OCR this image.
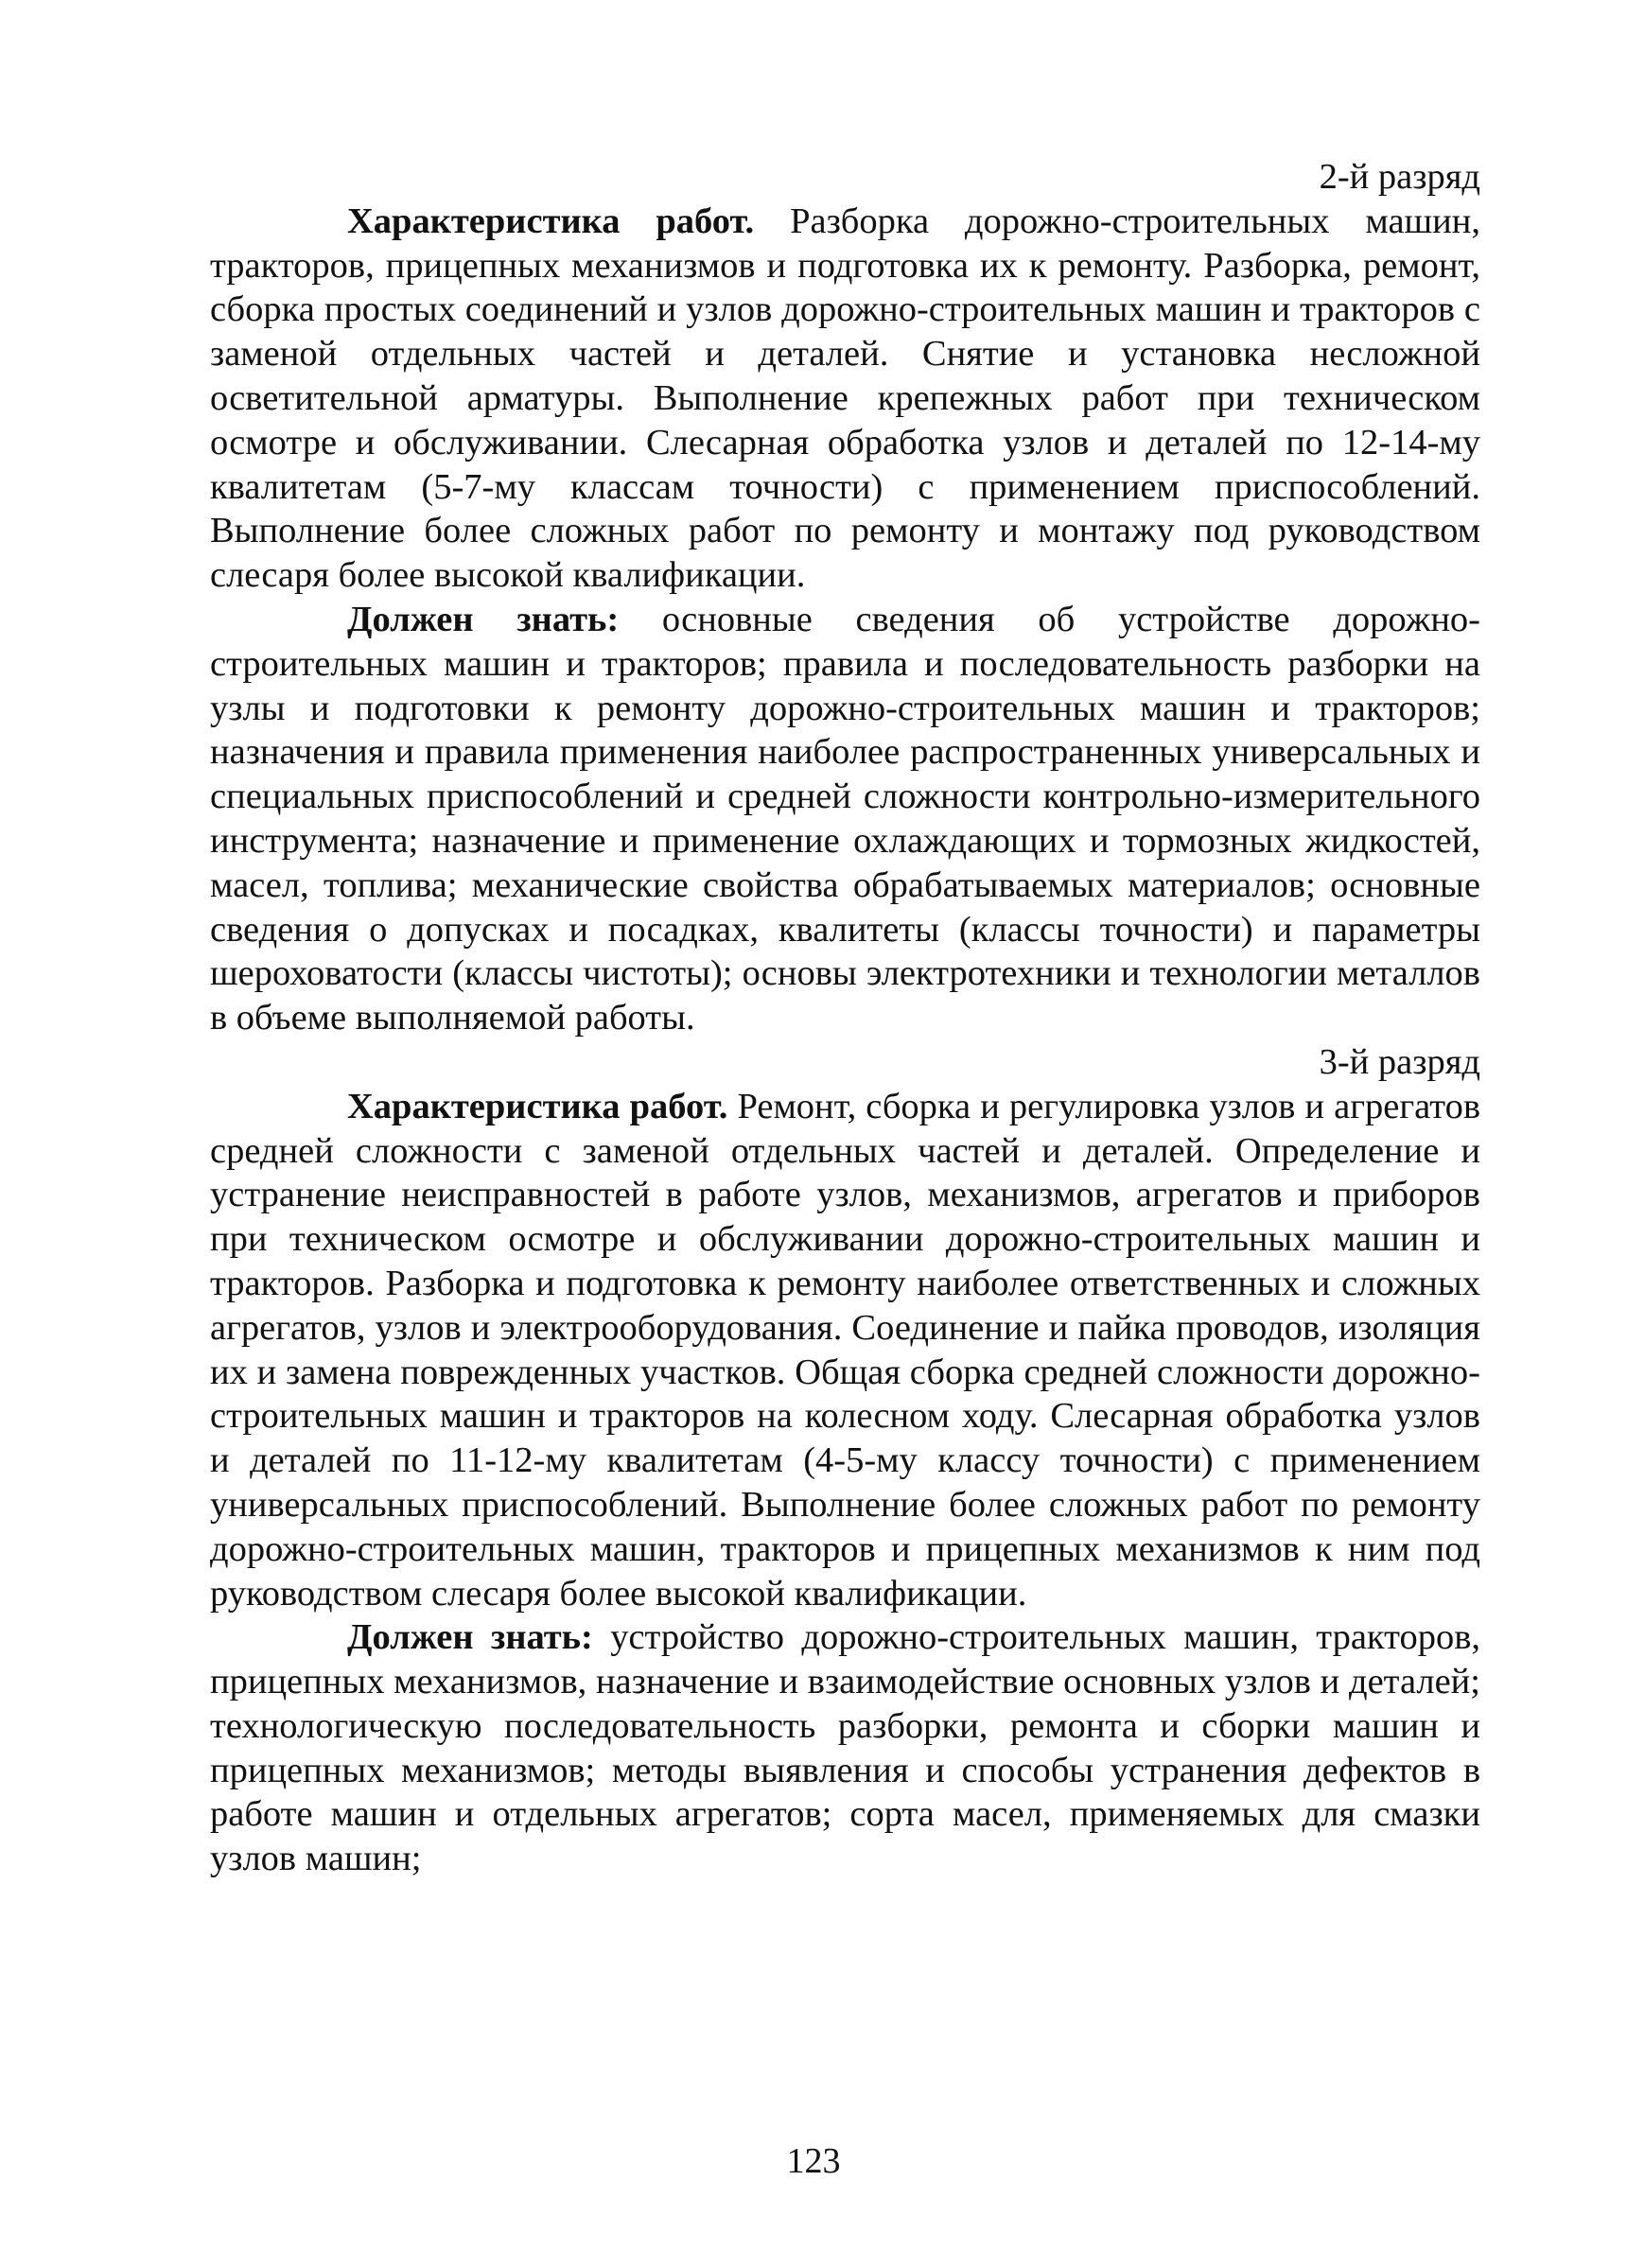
2-й разряд

Характеристика работ. Разборка дорожно-строительных машин, тракторов, прицепных механизмов и подготовка их к ремонту. Разборка, ремонт, сборка простых соединений и узлов дорожно-строительных машин и тракторов с заменой отдельных частей и деталей. Снятие и установка несложной осветительной арматуры. Выполнение крепежных работ при техническом осмотре и обслуживании. Слесарная обработка узлов и деталей по 12-14-му квалитетам (5-7-му классам точности) с применением приспособлений. Выполнение более сложных работ по ремонту и монтажу под руководством слесаря более высокой квалификации.

Должен знать: основные сведения об устройстве дорожно-строительных машин и тракторов; правила и последовательность разборки на узлы и подготовки к ремонту дорожно-строительных машин и тракторов; назначения и правила применения наиболее распространенных универсальных и специальных приспособлений и средней сложности контрольно-измерительного инструмента; назначение и применение охлаждающих и тормозных жидкостей, масел, топлива; механические свойства обрабатываемых материалов; основные сведения о допусках и посадках, квалитеты (классы точности) и параметры шероховатости (классы чистоты); основы электротехники и технологии металлов в объеме выполняемой работы.

3-й разряд

Характеристика работ. Ремонт, сборка и регулировка узлов и агрегатов средней сложности с заменой отдельных частей и деталей. Определение и устранение неисправностей в работе узлов, механизмов, агрегатов и приборов при техническом осмотре и обслуживании дорожно-строительных машин и тракторов. Разборка и подготовка к ремонту наиболее ответственных и сложных агрегатов, узлов и электрооборудования. Соединение и пайка проводов, изоляция их и замена поврежденных участков. Общая сборка средней сложности дорожно-строительных машин и тракторов на колесном ходу. Слесарная обработка узлов и деталей по 11-12-му квалитетам (4-5-му классу точности) с применением универсальных приспособлений. Выполнение более сложных работ по ремонту дорожно-строительных машин, тракторов и прицепных механизмов к ним под руководством слесаря более высокой квалификации.

Должен знать: устройство дорожно-строительных машин, тракторов, прицепных механизмов, назначение и взаимодействие основных узлов и деталей; технологическую последовательность разборки, ремонта и сборки машин и прицепных механизмов; методы выявления и способы устранения дефектов в работе машин и отдельных агрегатов; сорта масел, применяемых для смазки узлов машин;

123
